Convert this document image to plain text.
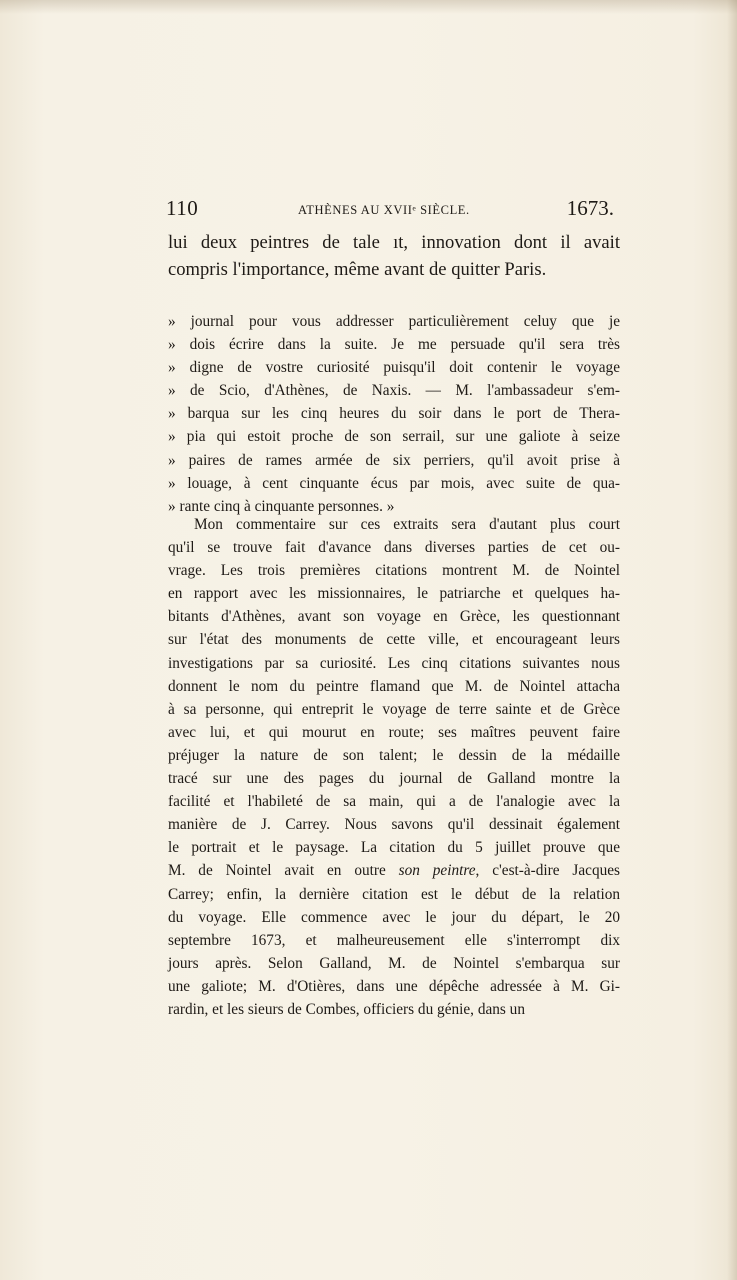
110	ATHÈNES AU XVIIᵉ SIÈCLE.	1673.
lui deux peintres de tale ıt, innovation dont il avait
compris l'importance, même avant de quitter Paris.
» journal pour vous addresser particulièrement celuy que je
» dois écrire dans la suite. Je me persuade qu'il sera très
» digne de vostre curiosité puisqu'il doit contenir le voyage
» de Scio, d'Athènes, de Naxis. — M. l'ambassadeur s'em-
» barqua sur les cinq heures du soir dans le port de Thera-
» pia qui estoit proche de son serrail, sur une galiote à seize
» paires de rames armée de six perriers, qu'il avoit prise à
» louage, à cent cinquante écus par mois, avec suite de qua-
» rante cinq à cinquante personnes. »
Mon commentaire sur ces extraits sera d'autant plus court
qu'il se trouve fait d'avance dans diverses parties de cet ou-
vrage. Les trois premières citations montrent M. de Nointel
en rapport avec les missionnaires, le patriarche et quelques ha-
bitants d'Athènes, avant son voyage en Grèce, les questionnant
sur l'état des monuments de cette ville, et encourageant leurs
investigations par sa curiosité. Les cinq citations suivantes nous
donnent le nom du peintre flamand que M. de Nointel attacha
à sa personne, qui entreprit le voyage de terre sainte et de Grèce
avec lui, et qui mourut en route; ses maîtres peuvent faire
préjuger la nature de son talent; le dessin de la médaille
tracé sur une des pages du journal de Galland montre la
facilité et l'habileté de sa main, qui a de l'analogie avec la
manière de J. Carrey. Nous savons qu'il dessinait également
le portrait et le paysage. La citation du 5 juillet prouve que
M. de Nointel avait en outre son peintre, c'est-à-dire Jacques
Carrey; enfin, la dernière citation est le début de la relation
du voyage. Elle commence avec le jour du départ, le 20
septembre 1673, et malheureusement elle s'interrompt dix
jours après. Selon Galland, M. de Nointel s'embarqua sur
une galiote; M. d'Otières, dans une dépêche adressée à M. Gi-
rardin, et les sieurs de Combes, officiers du génie, dans un
